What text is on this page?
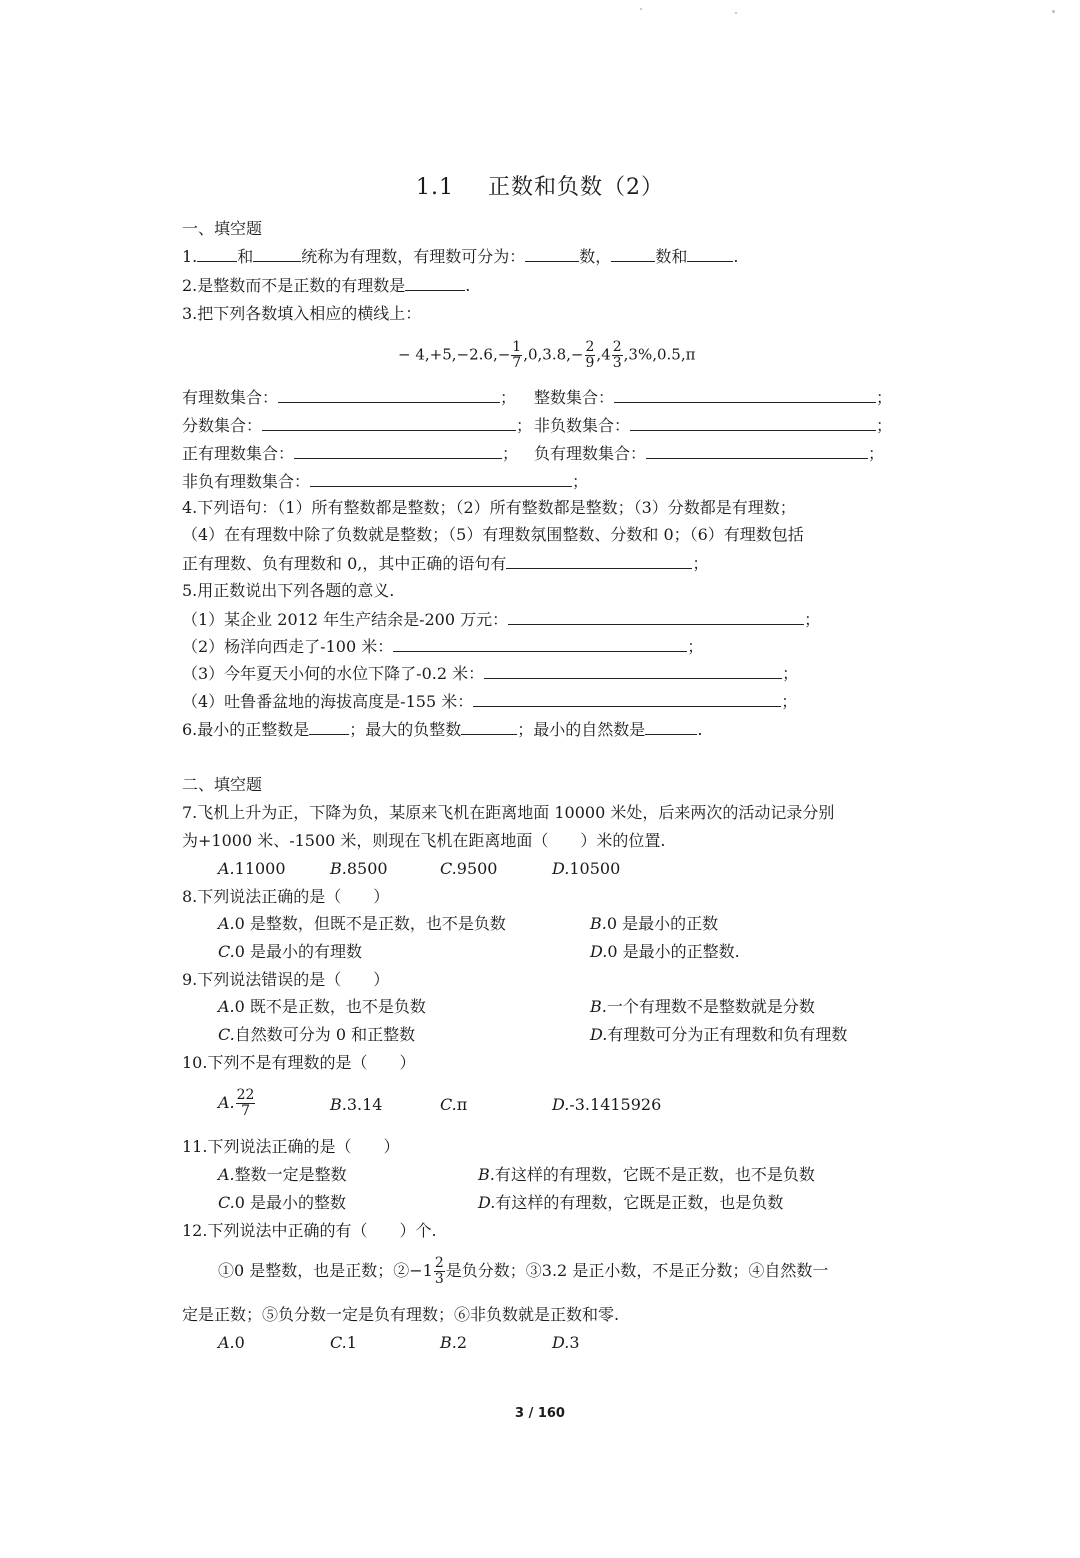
1.1 正数和负数（2）
一、填空题
1.	和	统称为有理数，有理数可分为：	数，	数和	.
2.是整数而不是正数的有理数是	.
3.把下列各数填入相应的横线上：
− $4,+5,-2.6,- \frac{1}{7} ,0,3.8,- \frac{2}{9} ,4 \frac{2}{3} ,3\%,0.5,\pi$
有理数集合：	； 整数集合：	；
分数集合：	； 非负数集合：	；
正有理数集合：	； 负有理数集合：	；
非负有理数集合：	；
4.下列语句：（1）所有整数都是整数；（2）所有整数都是整数；（3）分数都是有理数；
（4）在有理数中除了负数就是整数；（5）有理数氛围整数、分数和 0；（6）有理数包括
正有理数、负有理数和 0,，其中正确的语句有	；
5.用正数说出下列各题的意义.
（1）某企业 2012 年生产结余是-200 万元：	；
（2）杨洋向西走了-100 米：	；
（3）今年夏天小何的水位下降了-0.2 米：	；
（4）吐鲁番盆地的海拔高度是-155 米：	；
6.最小的正整数是	；最大的负整数	；最小的自然数是	.
二、填空题
7.飞机上升为正，下降为负，某原来飞机在距离地面 10000 米处，后来两次的活动记录分别
为+1000 米、-1500 米，则现在飞机在距离地面（　　）米的位置.
A.11000	B.8500	C.9500	D.10500
8.下列说法正确的是（　　）
A.0 是整数，但既不是正数，也不是负数	B.0 是最小的正数
C.0 是最小的有理数	D.0 是最小的正整数.
9.下列说法错误的是（　　）
A.0 既不是正数，也不是负数	B.一个有理数不是整数就是分数
C.自然数可分为 0 和正整数	D.有理数可分为正有理数和负有理数
10.下列不是有理数的是（　　）
A. $\frac{22}{7}$	B.3.14	C.π	D.-3.1415926
11.下列说法正确的是（　　）
A.整数一定是整数	B.有这样的有理数，它既不是正数，也不是负数
C.0 是最小的整数	D.有这样的有理数，它既是正数，也是负数
12.下列说法中正确的有（　　）个.
①0 是整数，也是正数；②−1 $\frac{2}{3}$ 是负分数；③3.2 是正小数，不是正分数；④自然数一
定是正数；⑤负分数一定是负有理数；⑥非负数就是正数和零.
A.0	C.1	B.2	D.3
3 / 160
